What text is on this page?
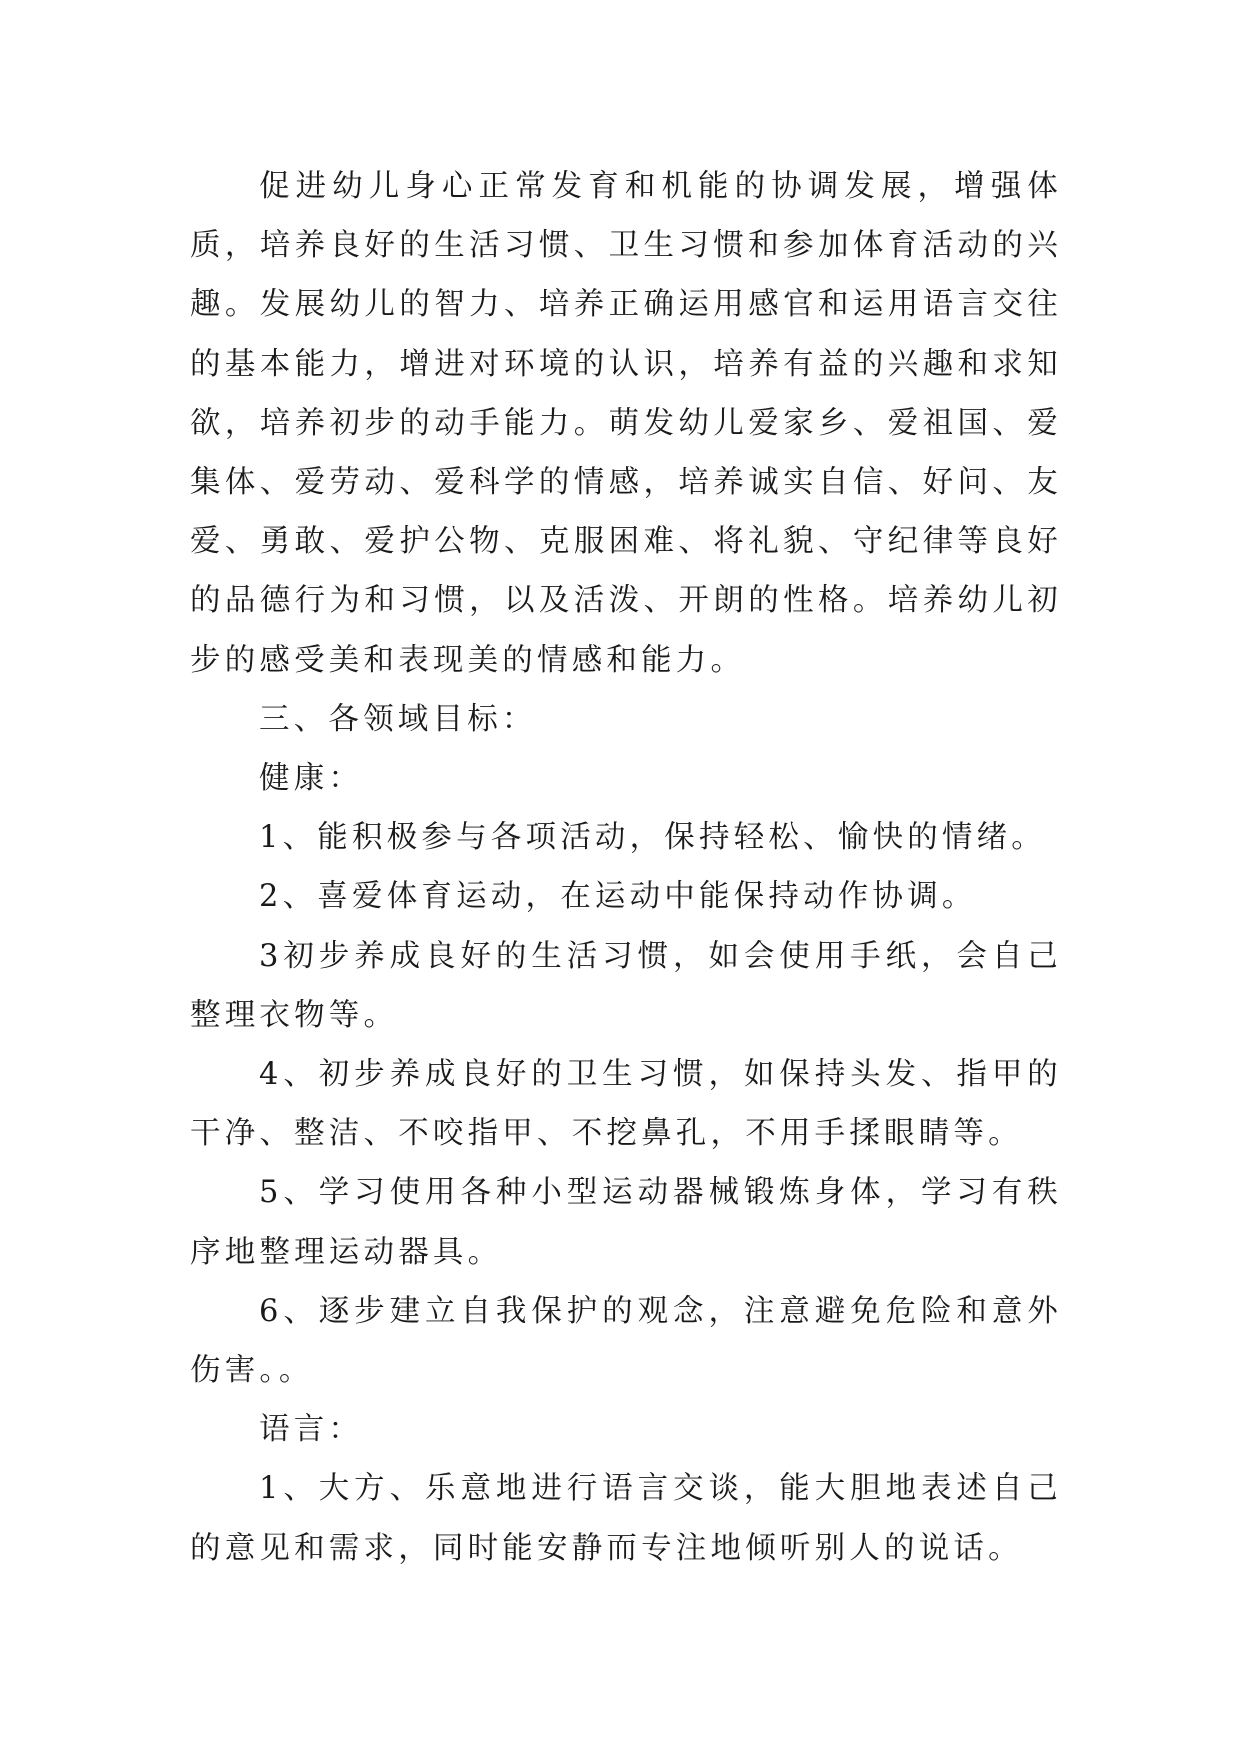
促进幼儿身心正常发育和机能的协调发展，增强体质，培养良好的生活习惯、卫生习惯和参加体育活动的兴趣。发展幼儿的智力、培养正确运用感官和运用语言交往的基本能力，增进对环境的认识，培养有益的兴趣和求知欲，培养初步的动手能力。萌发幼儿爱家乡、爱祖国、爱集体、爱劳动、爱科学的情感，培养诚实自信、好问、友爱、勇敢、爱护公物、克服困难、将礼貌、守纪律等良好的品德行为和习惯，以及活泼、开朗的性格。培养幼儿初步的感受美和表现美的情感和能力。

三、各领域目标：

健康：

1、能积极参与各项活动，保持轻松、愉快的情绪。

2、喜爱体育运动，在运动中能保持动作协调。

3初步养成良好的生活习惯，如会使用手纸，会自己整理衣物等。

4、初步养成良好的卫生习惯，如保持头发、指甲的干净、整洁、不咬指甲、不挖鼻孔，不用手揉眼睛等。

5、学习使用各种小型运动器械锻炼身体，学习有秩序地整理运动器具。

6、逐步建立自我保护的观念，注意避免危险和意外伤害。。

语言：

1、大方、乐意地进行语言交谈，能大胆地表述自己的意见和需求，同时能安静而专注地倾听别人的说话。
